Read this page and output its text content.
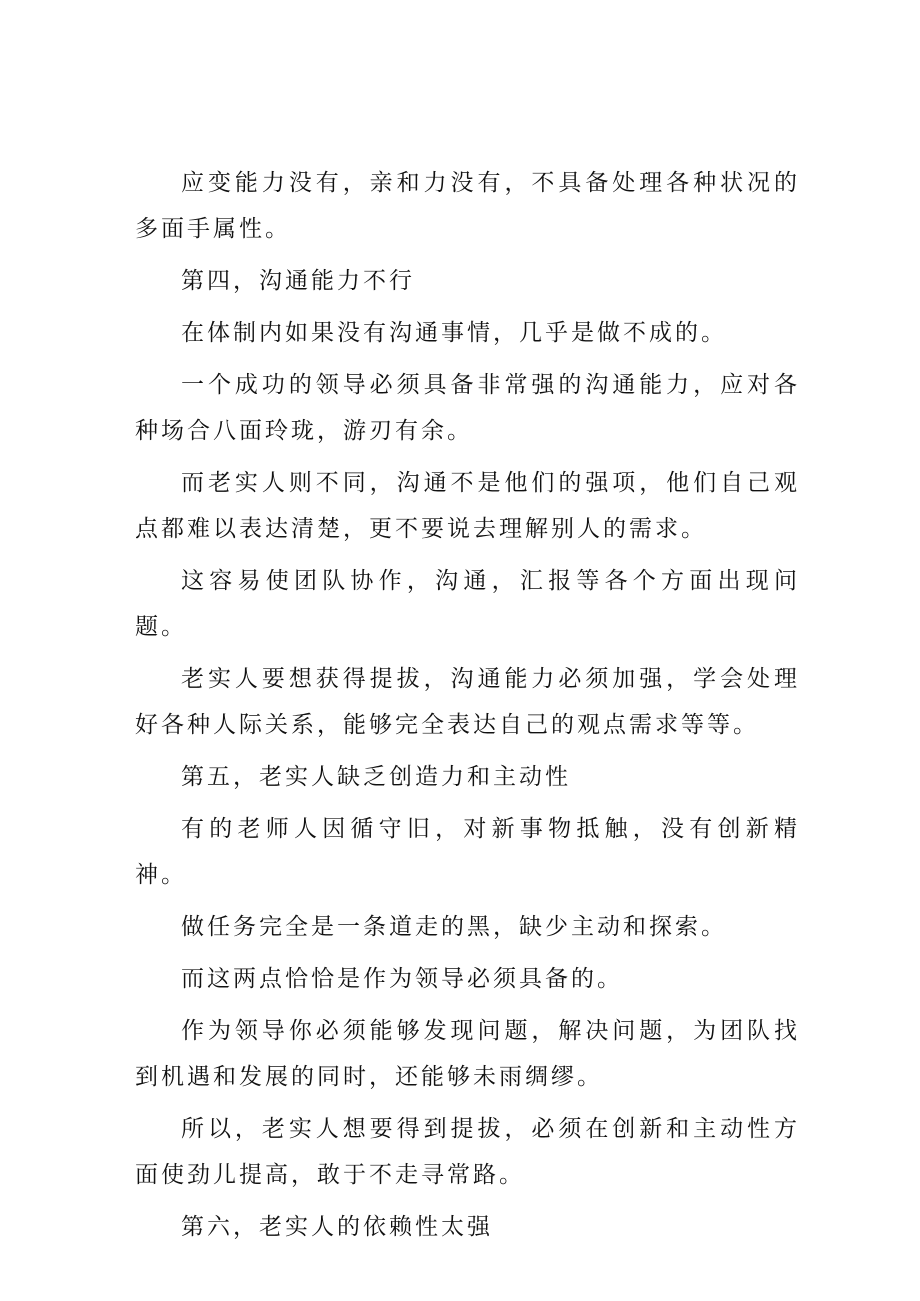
应变能力没有，亲和力没有，不具备处理各种状况的多面手属性。

第四，沟通能力不行

在体制内如果没有沟通事情，几乎是做不成的。

一个成功的领导必须具备非常强的沟通能力，应对各种场合八面玲珑，游刃有余。

而老实人则不同，沟通不是他们的强项，他们自己观点都难以表达清楚，更不要说去理解别人的需求。

这容易使团队协作，沟通，汇报等各个方面出现问题。

老实人要想获得提拔，沟通能力必须加强，学会处理好各种人际关系，能够完全表达自己的观点需求等等。

第五，老实人缺乏创造力和主动性

有的老师人因循守旧，对新事物抵触，没有创新精神。

做任务完全是一条道走的黑，缺少主动和探索。

而这两点恰恰是作为领导必须具备的。

作为领导你必须能够发现问题，解决问题，为团队找到机遇和发展的同时，还能够未雨绸缪。

所以，老实人想要得到提拔，必须在创新和主动性方面使劲儿提高，敢于不走寻常路。

第六，老实人的依赖性太强
